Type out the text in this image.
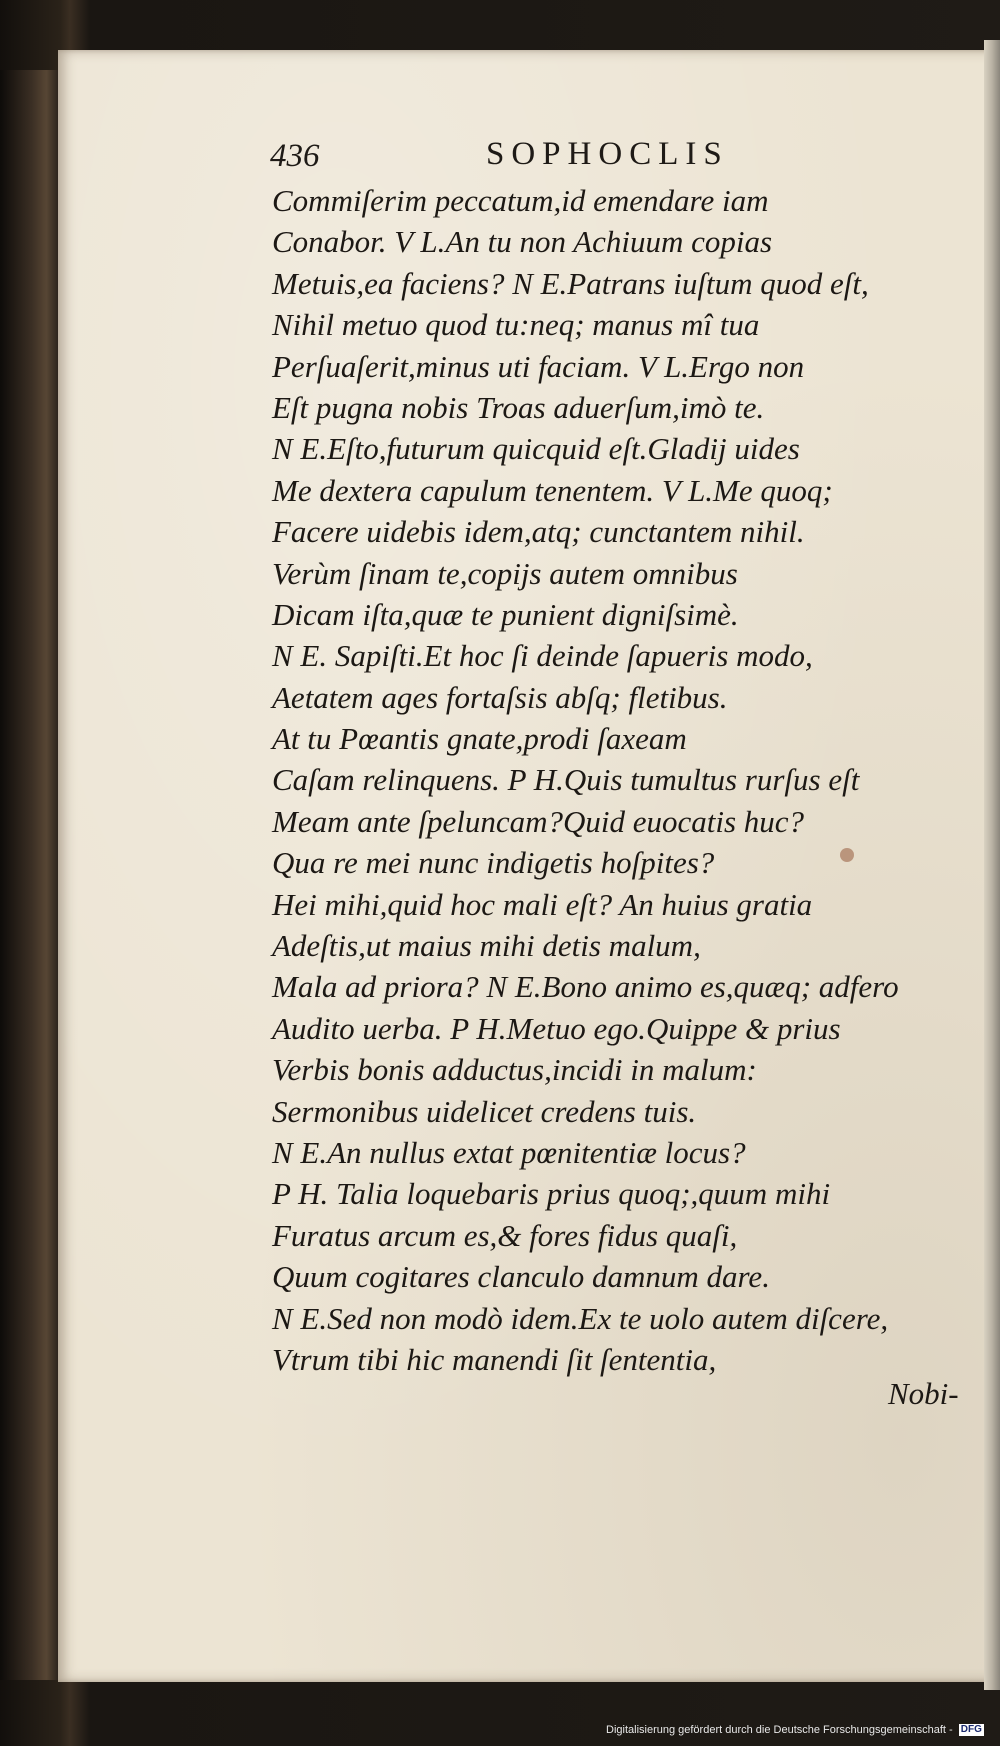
436	SOPHOCLIS
Commiſerim peccatum,id emendare iam
Conabor. V L.An tu non Achiuum copias
Metuis,ea faciens? N E.Patrans iuſtum quod eſt,
Nihil metuo quod tu:neq; manus mî tua
Perſuaſerit,minus uti faciam. V L.Ergo non
Eſt pugna nobis Troas aduerſum,imò te.
N E.Eſto,futurum quicquid eſt.Gladij uides
Me dextera capulum tenentem. V L.Me quoq;
Facere uidebis idem,atq; cunctantem nihil.
Verùm ſinam te,copijs autem omnibus
Dicam iſta,quæ te punient digniſsimè.
N E. Sapiſti.Et hoc ſi deinde ſapueris modo,
Aetatem ages fortaſsis abſq; fletibus.
At tu Pœantis gnate,prodi ſaxeam
Caſam relinquens. P H.Quis tumultus rurſus eſt
Meam ante ſpeluncam?Quid euocatis huc?
Qua re mei nunc indigetis hoſpites?
Hei mihi,quid hoc mali eſt? An huius gratia
Adeſtis,ut maius mihi detis malum,
Mala ad priora? N E.Bono animo es,quæq; adfero
Audito uerba. P H.Metuo ego.Quippe & prius
Verbis bonis adductus,incidi in malum:
Sermonibus uidelicet credens tuis.
N E.An nullus extat pœnitentiæ locus?
P H. Talia loquebaris prius quoq;,quum mihi
Furatus arcum es,& fores fidus quaſi,
Quum cogitares clanculo damnum dare.
N E.Sed non modò idem.Ex te uolo autem diſcere,
Vtrum tibi hic manendi ſit ſententia,
Nobi-
Digitalisierung gefördert durch die Deutsche Forschungsgemeinschaft - DFG
